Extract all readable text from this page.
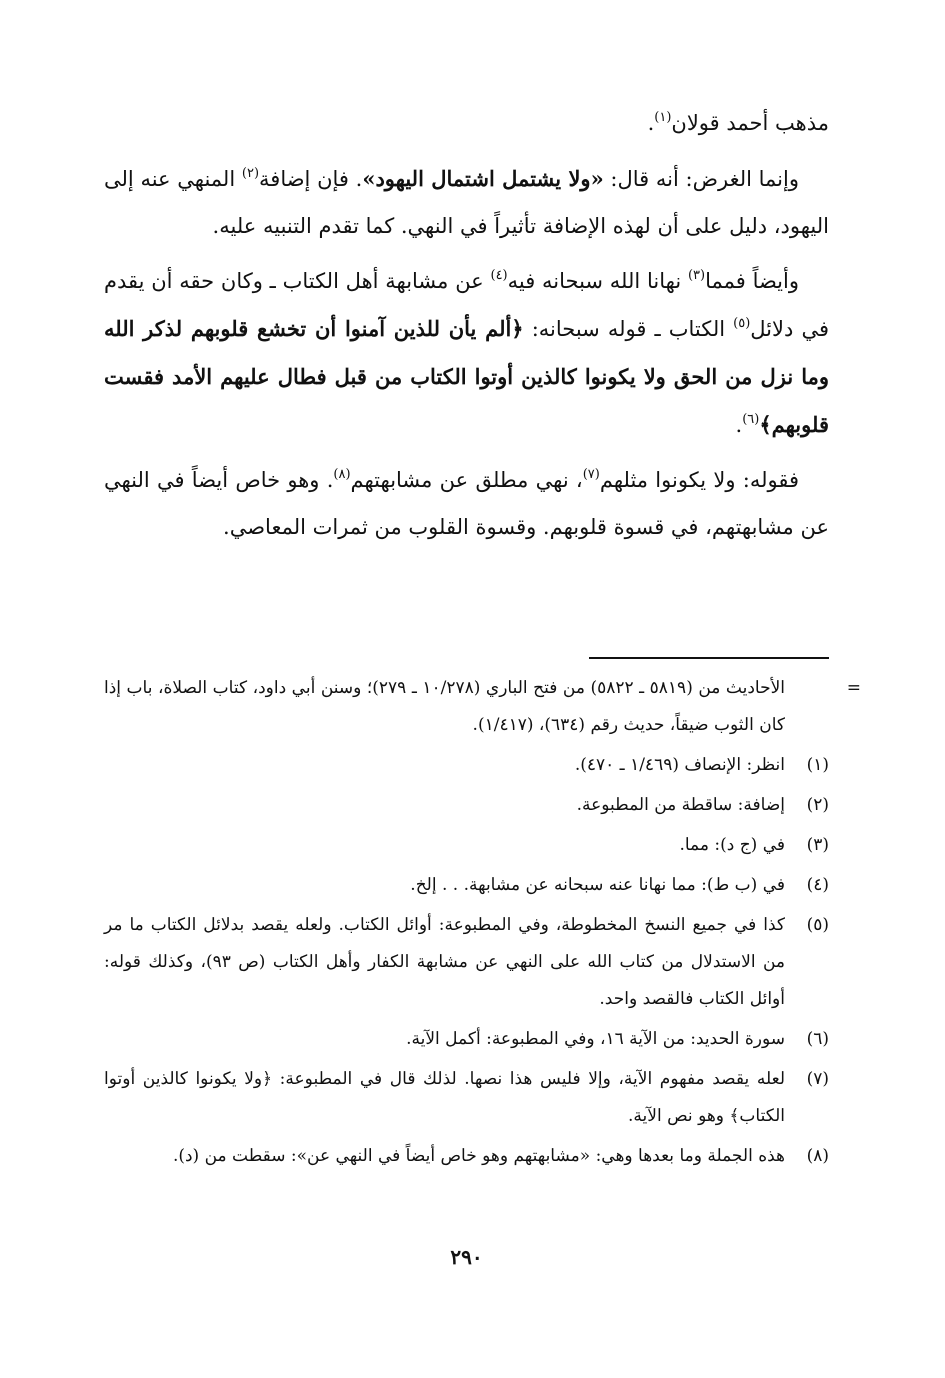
مذهب أحمد قولان$^{(١)}$.

وإنما الغرض: أنه قال: «ولا يشتمل اشتمال اليهود». فإن إضافة$^{(٢)}$ المنهي عنه إلى اليهود، دليل على أن لهذه الإضافة تأثيراً في النهي. كما تقدم التنبيه عليه.

وأيضاً فمما$^{(٣)}$ نهانا الله سبحانه فيه$^{(٤)}$ عن مشابهة أهل الكتاب ـ وكان حقه أن يقدم في دلائل$^{(٥)}$ الكتاب ـ قوله سبحانه: ﴿ألم يأن للذين آمنوا أن تخشع قلوبهم لذكر الله وما نزل من الحق ولا يكونوا كالذين أوتوا الكتاب من قبل فطال عليهم الأمد فقست قلوبهم﴾$^{(٦)}$.

فقوله: ولا يكونوا مثلهم$^{(٧)}$، نهي مطلق عن مشابهتهم$^{(٨)}$. وهو خاص أيضاً في النهي عن مشابهتهم، في قسوة قلوبهم. وقسوة القلوب من ثمرات المعاصي.

=
الأحاديث من (٥٨١٩ ـ ٥٨٢٢) من فتح الباري (١٠/٢٧٨ ـ ٢٧٩)؛ وسنن أبي داود، كتاب الصلاة، باب إذا كان الثوب ضيقاً، حديث رقم (٦٣٤)، (١/٤١٧).
(١)
انظر: الإنصاف (١/٤٦٩ ـ ٤٧٠).
(٢)
إضافة: ساقطة من المطبوعة.
(٣)
في (ج د): مما.
(٤)
في (ب ط): مما نهانا عنه سبحانه عن مشابهة. . . إلخ.
(٥)
كذا في جميع النسخ المخطوطة، وفي المطبوعة: أوائل الكتاب. ولعله يقصد بدلائل الكتاب ما مر من الاستدلال من كتاب الله على النهي عن مشابهة الكفار وأهل الكتاب (ص ٩٣)، وكذلك قوله: أوائل الكتاب فالقصد واحد.
(٦)
سورة الحديد: من الآية ١٦، وفي المطبوعة: أكمل الآية.
(٧)
لعله يقصد مفهوم الآية، وإلا فليس هذا نصها. لذلك قال في المطبوعة: ﴿ولا يكونوا كالذين أوتوا الكتاب﴾ وهو نص الآية.
(٨)
هذه الجملة وما بعدها وهي: «مشابهتهم وهو خاص أيضاً في النهي عن»: سقطت من (د).
٢٩٠
